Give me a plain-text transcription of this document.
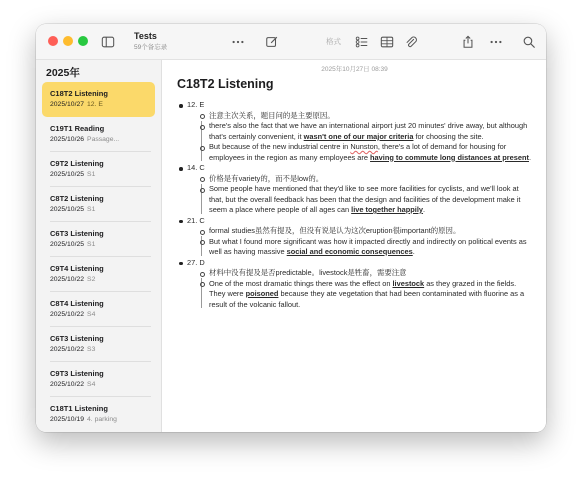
Tests
59个备忘录
格式
2025年
C18T2 Listening
2025/10/27 12. E
C19T1 Reading
2025/10/26 Passage...
C9T2 Listening
2025/10/25 S1
C8T2 Listening
2025/10/25 S1
C6T3 Listening
2025/10/25 S1
C9T4 Listening
2025/10/22 S2
C8T4 Listening
2025/10/22 S4
C6T3 Listening
2025/10/22 S3
C9T3 Listening
2025/10/22 S4
C18T1 Listening
2025/10/19 4. parking
2025年10月27日 08:39
C18T2 Listening
12. E
注意主次关系，题目问的是主要原因。
there's also the fact that we have an international airport just 20 minutes' drive away, but although that's certainly convenient, it wasn't one of our major criteria for choosing the site.
But because of the new industrial centre in Nunston, there's a lot of demand for housing for employees in the region as many employees are having to commute long distances at present.
14. C
价格是有variety的，而不是low的。
Some people have mentioned that they'd like to see more facilities for cyclists, and we'll look at that, but the overall feedback has been that the design and facilities of the development make it seem a place where people of all ages can live together happily.
21. C
formal studies虽然有提及，但没有说是认为这次eruption很important的原因。
But what I found more significant was how it impacted directly and indirectly on political events as well as having massive social and economic consequences.
27. D
材料中没有提及是否predictable。livestock是牲畜，需要注意
One of the most dramatic things there was the effect on livestock as they grazed in the fields. They were poisoned because they ate vegetation that had been contaminated with fluorine as a result of the volcanic fallout.
